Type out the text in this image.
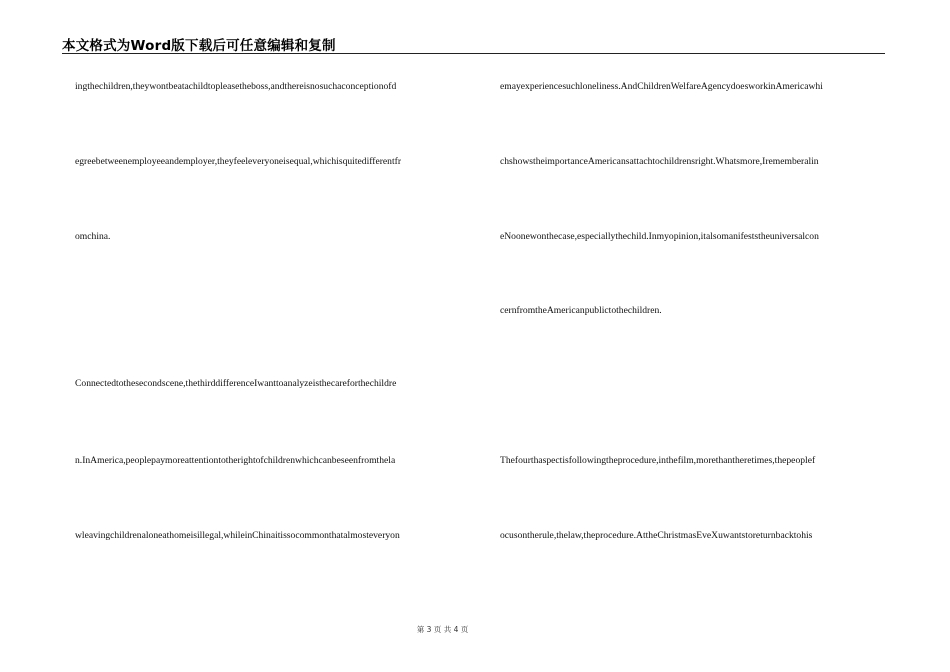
本文格式为Word版下载后可任意编辑和复制
ingthechildren,theywontbeatachildtopleasetheboss,andthereisnosuchaconceptionofd
egreebetweenemployeeandemployer,theyfeeleveryoneisequal,whichisquitedifferentfr
omchina.
Connectedtothesecondscene,thethirddifferenceIwanttoanalyzeisthecareforthechildre
n.InAmerica,peoplepaymoreattentiontotherightofchildrenwhichcanbeseenfromthela
wleavingchildrenaloneathomeisillegal,whileinChinaitissocommonthatalmosteveryon
emayexperiencesuchloneliness.AndChildrenWelfareAgencydoesworkinAmericawhi
chshowstheimportanceAmericansattachtochildrensright.Whatsmore,Irememberalin
eNoonewonthecase,especiallythechild.Inmyopinion,italsomanifeststheuniversalcon
cernfromtheAmericanpublictothechildren.
Thefourthaspectisfollowingtheprocedure,inthefilm,morethantheretimes,thepeoplef
ocusontherule,thelaw,theprocedure.AttheChristmasEveXuwantstoreturnbacktohis
第 3 页 共 4 页
